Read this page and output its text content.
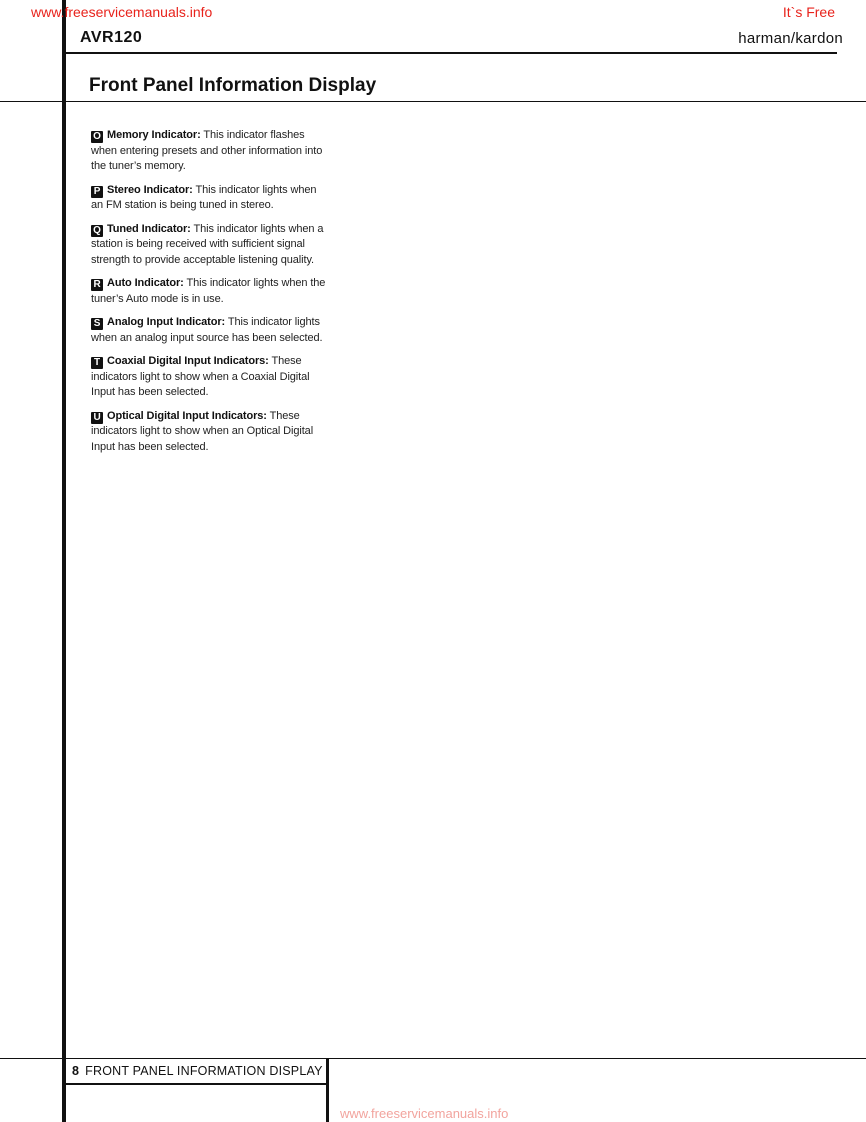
www.freeservicemanuals.info	It`s Free
AVR120	harman/kardon
Front Panel Information Display

O Memory Indicator: This indicator flashes when entering presets and other information into the tuner’s memory.

P Stereo Indicator: This indicator lights when an FM station is being tuned in stereo.

Q Tuned Indicator: This indicator lights when a station is being received with sufficient signal strength to provide acceptable listening quality.

R Auto Indicator: This indicator lights when the tuner’s Auto mode is in use.

S Analog Input Indicator: This indicator lights when an analog input source has been selected.

T Coaxial Digital Input Indicators: These indicators light to show when a Coaxial Digital Input has been selected.

U Optical Digital Input Indicators: These indicators light to show when an Optical Digital Input has been selected.

8 FRONT PANEL INFORMATION DISPLAY
www.freeservicemanuals.info
